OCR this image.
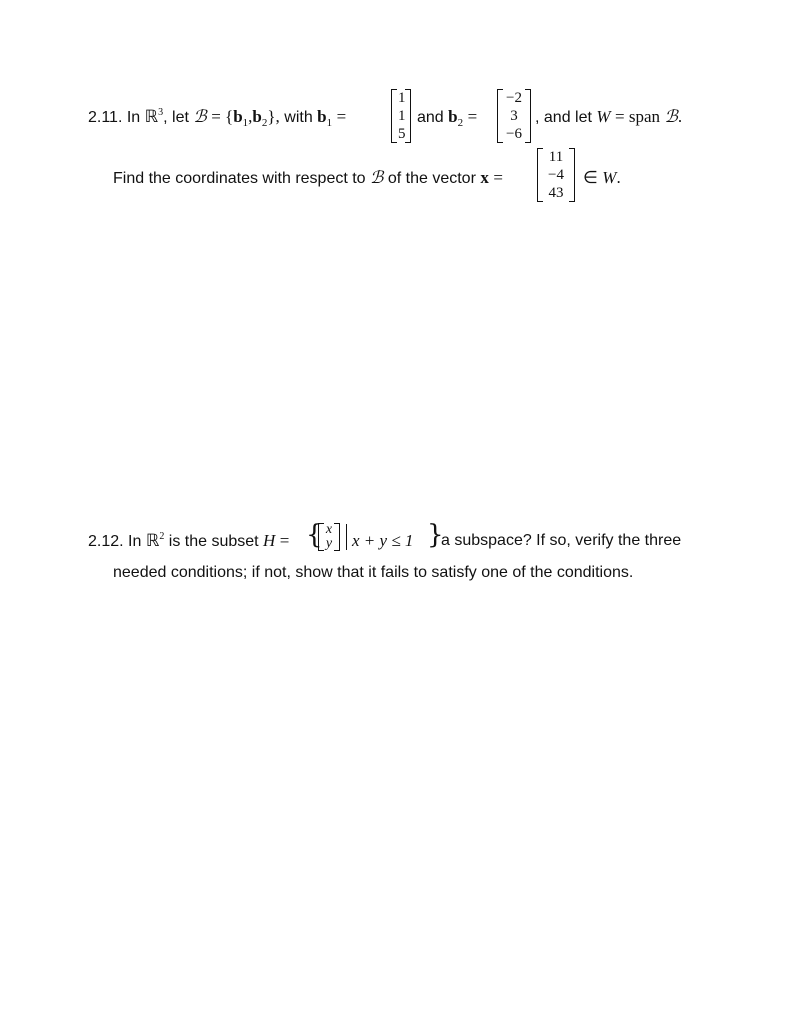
2.11. In ℝ$^3$, let ℬ = $\{b_1,b_2\}$, with $b_1$ =
1
1
5
and $b_2$ =
−2
3
−6
, and let W = span ℬ.
Find the coordinates with respect to ℬ of the vector x =
11
−4
43
∈ W.
2.12. In ℝ$^2$ is the subset H = { x
y	x + y ≤ 1 }
a subspace? If so, verify the three
needed conditions; if not, show that it fails to satisfy one of the conditions.
